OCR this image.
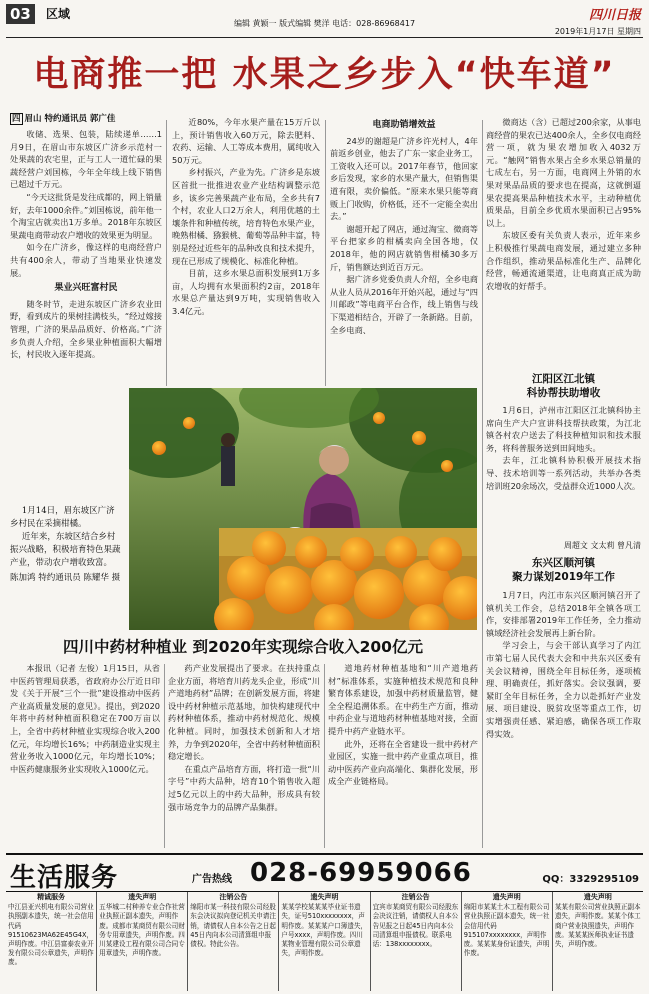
03	区域
编辑 黄颖一 版式编辑 樊洋 电话：028-86968417
四川日报
2019年1月17日 星期四
电商推一把 水果之乡步入“快车道”
四 眉山 特约通讯员 郭广佳

收储、选果、包装，陆续递单……1月9日，在眉山市东坡区广济乡示范村一处果蔬的农宅里，正与工人一道忙碌的果蔬经营户刘国栋，今年全年线上线下销售已超过千万元。

“今天这批货是发往成都的，网上销量好，去年1000余件。”刘国栋说，前年他一个淘宝店就卖出1万多单。2018年东坡区果蔬电商带动农户增收的效果更为明显。

如今在广济乡，像这样的电商经营户共有400余人，带动了当地果业快速发展。

果业兴旺富村民

随冬时节，走进东坡区广济乡农业田野，看到成片的果树挂满枝头，“经过嫁接管理，广济的果品品质好、价格高。”广济乡负责人介绍，全乡果业种植面积大幅增长，村民收入逐年提高。

近80%，今年水果产量在15万斤以上，预计销售收入60万元，除去肥料、农药、运输、人工等成本费用，属纯收入50万元。

乡村振兴，产业为先。广济乡是东坡区首批一批推进农业产业结构调整示范乡，该乡完善果蔬产业布局，全乡共有7个村，农业人口2万余人，利用优越的土壤条件和种植传统，培育特色水果产业，晚熟柑橘、猕猴桃、葡萄等品种丰富，特别是经过近些年的品种改良和技术提升，现在已形成了规模化、标准化种植。

目前，这乡水果总面积发展到1万多亩，人均拥有水果面积约2亩，2018年水果总产量达到9万吨，实现销售收入3.4亿元。

电商助销增效益

24岁的谢超是广济乡许光村人，4年前返乡创业，他去了广东一家企业务工，工资收入还可以。2017年春节，他回家乡后发现，家乡的水果产量大，但销售渠道有限，卖价偏低。“原来水果只能等商贩上门收购，价格低，还不一定能全卖出去。”

谢超开起了网店，通过淘宝、微商等平台把家乡的柑橘卖向全国各地，仅2018年，他的网店就销售柑橘30多万斤，销售额达到近百万元。

据广济乡党委负责人介绍，全乡电商从业人员从2016年开始兴起，通过与“四川邮政”等电商平台合作，线上销售与线下渠道相结合，开辟了一条新路。目前，全乡电商、

微商达（含）已超过200余家，从事电商经营的果农已达400余人，全乡仅电商经营一项，就为果农增加收入4032万元。“触网”销售水果占全乡水果总销量的七成左右，另一方面，电商网上外销的水果对果品品质的要求也在提高，这就倒逼果农提高果品种植技术水平，主动种植优质果品，目前全乡优质水果面积已占95%以上。

东坡区委有关负责人表示，近年来乡上积极推行果蔬电商发展，通过建立多种合作组织，推动果品标准化生产、品牌化经营，畅通流通渠道，让电商真正成为助农增收的好帮手。

1月14日，眉东坡区广济乡村民在采摘柑橘。

近年来，东坡区结合乡村振兴战略，积极培育特色果蔬产业，带动农户增收致富。

陈加鸿 特约通讯员 陈耀华 摄

江阳区江北镇
科协帮扶助增收

1月6日，泸州市江阳区江北镇科协主席向生产大户宣讲科技帮扶政策，为江北镇各村农户送去了科技种植知识和技术服务，将科普服务送到田间地头。

去年，江北镇科协积极开展技术指导、技术培训等一系列活动，共举办各类培训班20余场次，受益群众近1000人次。

周超文 文太莉 曾凡清
东兴区顺河镇
聚力谋划2019年工作

1月7日，内江市东兴区顺河镇召开了镇机关工作会，总结2018年全镇各项工作，安排部署2019年工作任务，全力推动镇域经济社会发展再上新台阶。

学习会上，与会干部认真学习了内江市第七届人民代表大会和中共东兴区委有关会议精神，围绕全年目标任务，逐项梳理、明确责任，抓好落实。会议强调，要紧盯全年目标任务，全力以赴抓好产业发展、项目建设、脱贫攻坚等重点工作，切实增强责任感、紧迫感，确保各项工作取得实效。

四川中药材种植业 到2020年实现综合收入200亿元

本报讯（记者 左俊）1月15日，从省中医药管理局获悉，省政府办公厅近日印发《关于开展“三个一批”建设推动中医药产业高质量发展的意见》。提出，到2020年将中药材种植面积稳定在700万亩以上，全省中药材种植业实现综合收入200亿元，年均增长16%；中药制造业实现主营业务收入1000亿元，年均增长10%；中医药健康服务业实现收入1000亿元。

药产业发展提出了要求。在扶持重点企业方面，将培育川药龙头企业，形成“川产道地药材”品牌；在创新发展方面，将建设中药材种植示范基地，加快构建现代中药材种植体系，推动中药材规范化、规模化种植。同时，加强技术创新和人才培养，力争到2020年，全省中药材种植面积稳定增长。

在重点产品培育方面，将打造一批“川字号”中药大品种，培育10个销售收入超过5亿元以上的中药大品种，形成具有较强市场竞争力的品牌产品集群。

道地药材种植基地和“川产道地药材”标准体系，实施种植技术规范和良种繁育体系建设，加强中药材质量监管，健全全程追溯体系。在中药生产方面，推动中药企业与道地药材种植基地对接，全面提升中药产业链水平。

此外，还将在全省建设一批中药材产业园区，实施一批中药产业重点项目，推动中医药产业向高端化、集群化发展，形成全产业链格局。

生活服务	广告热线 028-69959066	QQ：3329295109
精诚服务
中江县亚兴机电有限公司营业执照副本遗失，统一社会信用代码91510623MA62E45G4X，声明作废。中江县富泰农业开发有限公司公章遗失，声明作废。
遗失声明
五华城二村种养专业合作社营业执照正副本遗失，声明作废。成都市某商贸有限公司财务专用章遗失，声明作废。四川某建设工程有限公司合同专用章遗失，声明作废。
注销公告
绵阳市某一科技有限公司经股东会决议拟向登记机关申请注销，请债权人自本公告之日起45日内向本公司清算组申报债权。特此公告。
遗失声明
某某学校某某某毕业证书遗失，证号510xxxxxxxx，声明作废。某某某户口簿遗失，户号xxxx，声明作废。四川某物业管理有限公司公章遗失，声明作废。
注销公告
宜宾市某商贸有限公司经股东会决议注销，请债权人自本公告见报之日起45日内向本公司清算组申报债权。联系电话：138xxxxxxxx。
遗失声明
绵阳市某某土木工程有限公司营业执照正副本遗失，统一社会信用代码915107xxxxxxxx，声明作废。某某某身份证遗失，声明作废。
遗失声明
某某有限公司营业执照正副本遗失，声明作废。某某个体工商户营业执照遗失，声明作废。某某某医师执业证书遗失，声明作废。
